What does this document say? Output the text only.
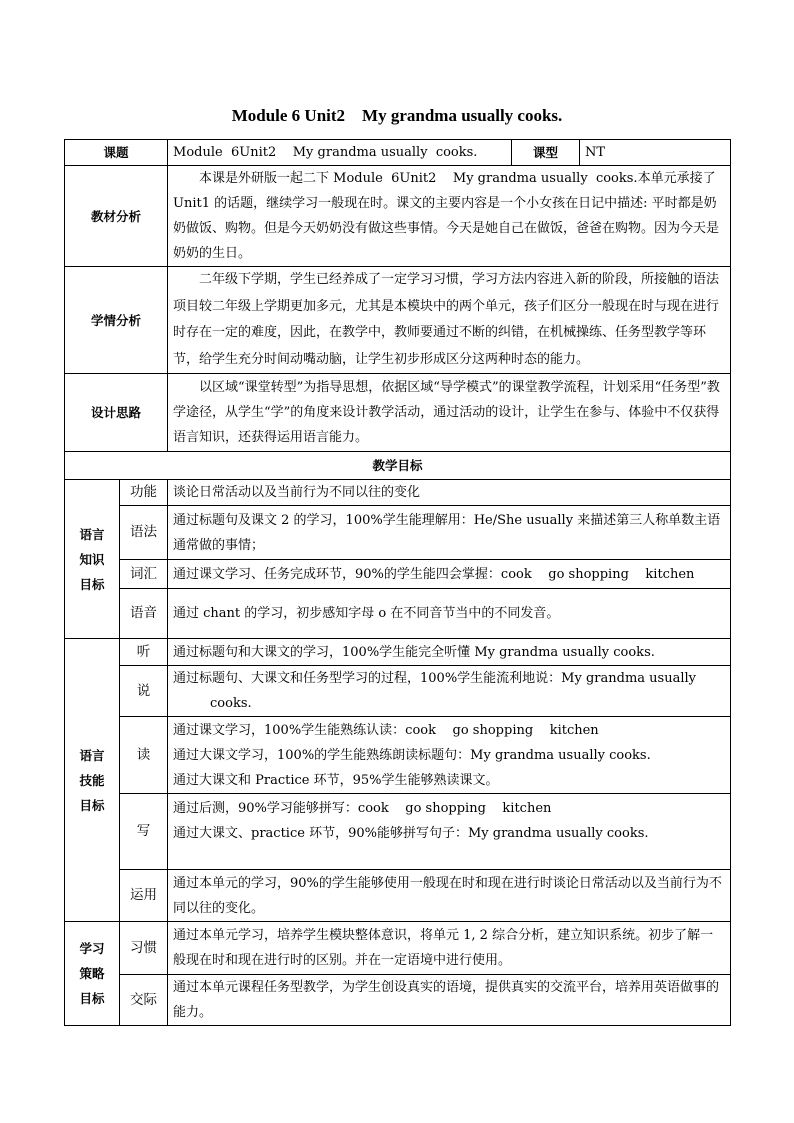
Module 6 Unit2    My grandma usually cooks.
课题		Module  6Unit2    My grandma usually  cooks.	课型	NT
教材分析		本课是外研版一起二下 Module  6Unit2    My grandma usually  cooks.本单元承接了 Unit1 的话题，继续学习一般现在时。课文的主要内容是一个小女孩在日记中描述: 平时都是奶奶做饭、购物。但是今天奶奶没有做这些事情。今天是她自己在做饭，爸爸在购物。因为今天是奶奶的生日。		
学情分析		二年级下学期，学生已经养成了一定学习习惯，学习方法内容进入新的阶段，所接触的语法项目较二年级上学期更加多元，尤其是本模块中的两个单元，孩子们区分一般现在时与现在进行时存在一定的难度，因此，在教学中，教师要通过不断的纠错，在机械操练、任务型教学等环节，给学生充分时间动嘴动脑，让学生初步形成区分这两种时态的能力。		
设计思路		以区域“课堂转型”为指导思想，依据区域“导学模式”的课堂教学流程，计划采用“任务型”教学途径，从学生“学”的角度来设计教学活动，通过活动的设计，让学生在参与、体验中不仅获得语言知识，还获得运用语言能力。		
教学目标				

语言
知识
目标	功能	谈论日常活动以及当前行为不同以往的变化		
	语法	通过标题句及课文 2 的学习，100%学生能理解用：He/She usually 来描述第三人称单数主语通常做的事情；		
	词汇	通过课文学习、任务完成环节，90%的学生能四会掌握：cook    go shopping    kitchen		
	语音	通过 chant 的学习，初步感知字母 o 在不同音节当中的不同发音。		

语言
技能
目标	听	通过标题句和大课文的学习，100%学生能完全听懂 My grandma usually cooks.		
	说	通过标题句、大课文和任务型学习的过程，100%学生能流利地说：My grandma usually
cooks.		

	读	通过课文学习，100%学生能熟练认读：cook    go shopping    kitchen
通过大课文学习，100%的学生能熟练朗读标题句：My grandma usually cooks.
通过大课文和 Practice 环节，95%学生能够熟读课文。		

	写	通过后测，90%学习能够拼写：cook    go shopping    kitchen
通过大课文、practice 环节，90%能够拼写句子：My grandma usually cooks.		

	运用	通过本单元的学习，90%的学生能够使用一般现在时和现在进行时谈论日常活动以及当前行为不同以往的变化。		

学习
策略
目标	习惯	通过本单元学习，培养学生模块整体意识，将单元 1, 2 综合分析，建立知识系统。初步了解一般现在时和现在进行时的区别。并在一定语境中进行使用。		
	交际	通过本单元课程任务型教学，为学生创设真实的语境，提供真实的交流平台，培养用英语做事的能力。		
